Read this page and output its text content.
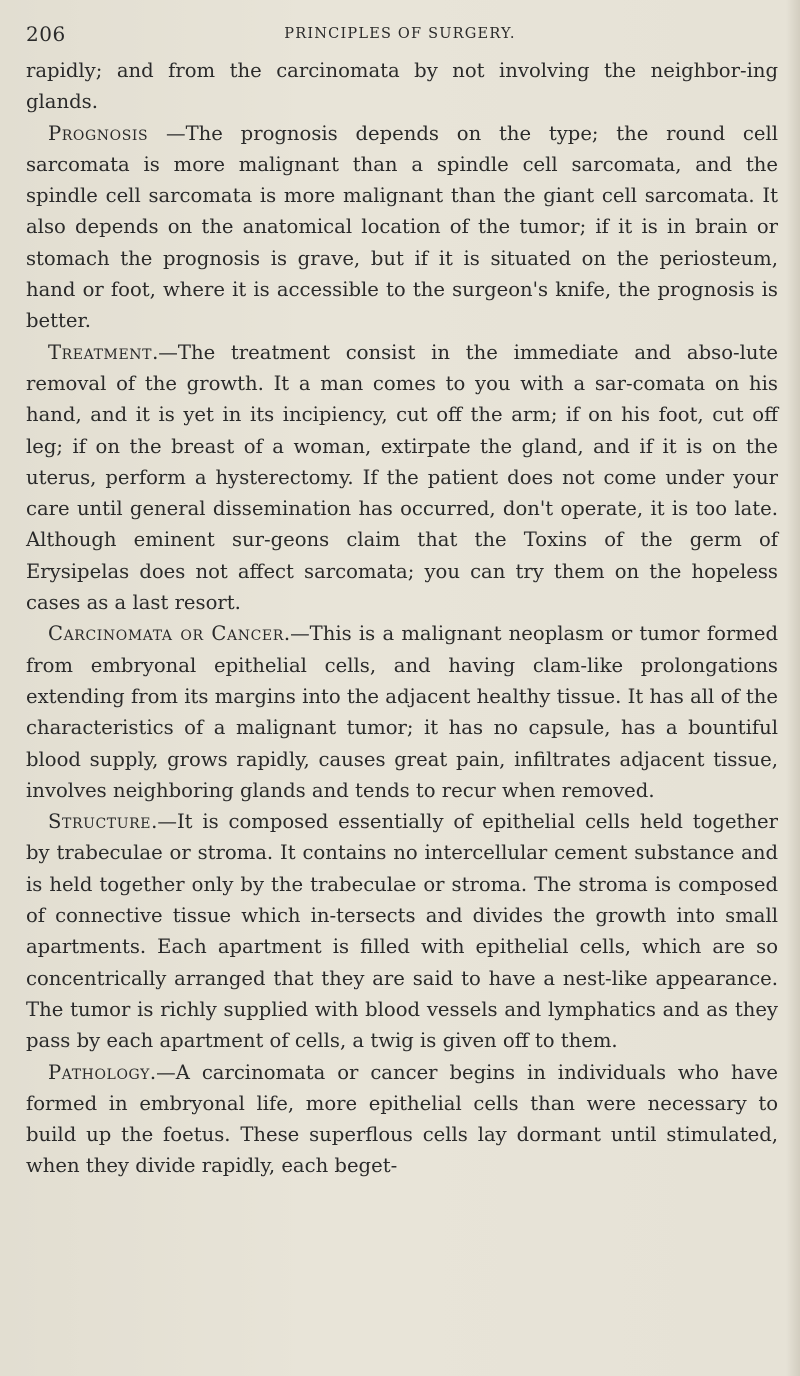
206	PRINCIPLES OF SURGERY.

rapidly; and from the carcinomata by not involving the neighbor-ing glands.

Prognosis —The prognosis depends on the type; the round cell sarcomata is more malignant than a spindle cell sarcomata, and the spindle cell sarcomata is more malignant than the giant cell sarcomata. It also depends on the anatomical location of the tumor; if it is in brain or stomach the prognosis is grave, but if it is situated on the periosteum, hand or foot, where it is accessible to the surgeon's knife, the prognosis is better.

Treatment.—The treatment consist in the immediate and abso-lute removal of the growth. It a man comes to you with a sar-comata on his hand, and it is yet in its incipiency, cut off the arm; if on his foot, cut off leg; if on the breast of a woman, extirpate the gland, and if it is on the uterus, perform a hysterectomy. If the patient does not come under your care until general dissemination has occurred, don't operate, it is too late. Although eminent sur-geons claim that the Toxins of the germ of Erysipelas does not affect sarcomata; you can try them on the hopeless cases as a last resort.

Carcinomata or Cancer.—This is a malignant neoplasm or tumor formed from embryonal epithelial cells, and having clam-like prolongations extending from its margins into the adjacent healthy tissue. It has all of the characteristics of a malignant tumor; it has no capsule, has a bountiful blood supply, grows rapidly, causes great pain, infiltrates adjacent tissue, involves neighboring glands and tends to recur when removed.

Structure.—It is composed essentially of epithelial cells held together by trabeculae or stroma. It contains no intercellular cement substance and is held together only by the trabeculae or stroma. The stroma is composed of connective tissue which in-tersects and divides the growth into small apartments. Each apartment is filled with epithelial cells, which are so concentrically arranged that they are said to have a nest-like appearance. The tumor is richly supplied with blood vessels and lymphatics and as they pass by each apartment of cells, a twig is given off to them.

Pathology.—A carcinomata or cancer begins in individuals who have formed in embryonal life, more epithelial cells than were necessary to build up the foetus. These superflous cells lay dormant until stimulated, when they divide rapidly, each beget-
